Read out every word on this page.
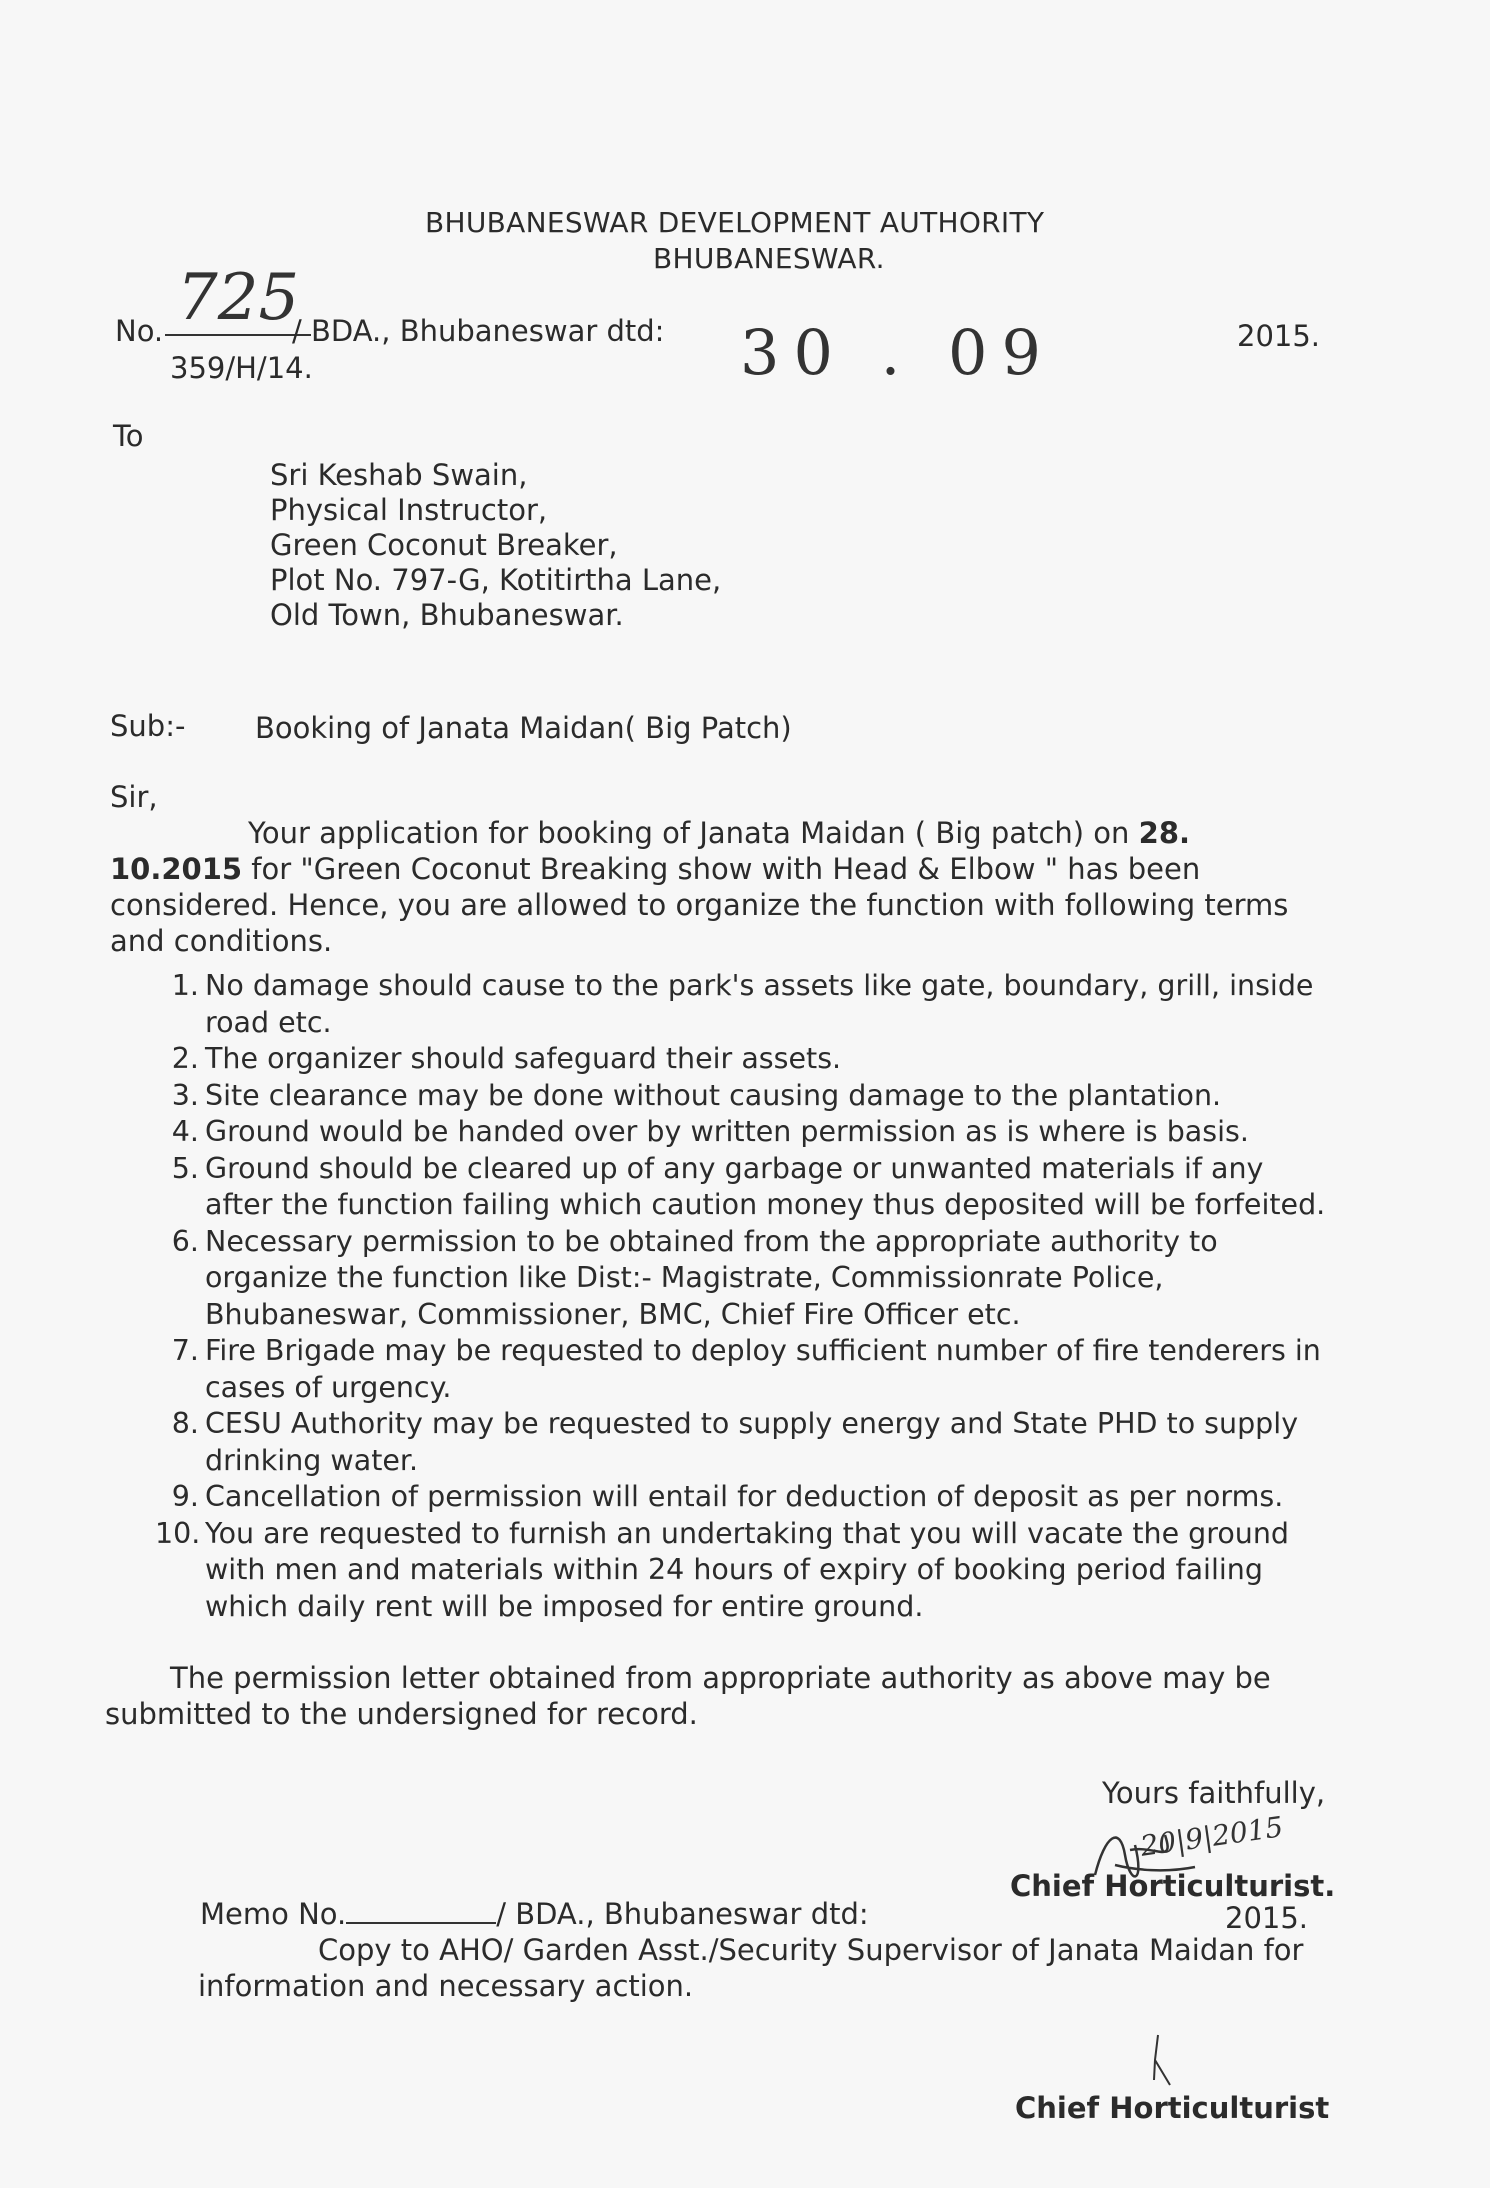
BHUBANESWAR DEVELOPMENT AUTHORITY
BHUBANESWAR.
No. 725
/ BDA., Bhubaneswar dtd:
359/H/14.	30 . 09	2015.
To
Sri Keshab Swain,
Physical Instructor,
Green Coconut Breaker,
Plot No. 797-G, Kotitirtha Lane,
Old Town, Bhubaneswar.
Sub:- Booking of Janata Maidan( Big Patch)
Sir,
Your application for booking of Janata Maidan ( Big patch) on 28. 10.2015 for "Green Coconut Breaking show with Head & Elbow " has been considered. Hence, you are allowed to organize the function with following terms and conditions.
1. No damage should cause to the park's assets like gate, boundary, grill, inside road etc.
2. The organizer should safeguard their assets.
3. Site clearance may be done without causing damage to the plantation.
4. Ground would be handed over by written permission as is where is basis.
5. Ground should be cleared up of any garbage or unwanted materials if any after the function failing which caution money thus deposited will be forfeited.
6. Necessary permission to be obtained from the appropriate authority to organize the function like Dist:- Magistrate, Commissionrate Police, Bhubaneswar, Commissioner, BMC, Chief Fire Officer etc.
7. Fire Brigade may be requested to deploy sufficient number of fire tenderers in cases of urgency.
8. CESU Authority may be requested to supply energy and State PHD to supply drinking water.
9. Cancellation of permission will entail for deduction of deposit as per norms.
10. You are requested to furnish an undertaking that you will vacate the ground with men and materials within 24 hours of expiry of booking period failing which daily rent will be imposed for entire ground.
The permission letter obtained from appropriate authority as above may be submitted to the undersigned for record.
Yours faithfully,
20|9|2015
Chief Horticulturist.
Memo No.	/ BDA., Bhubaneswar dtd:	2015.
Copy to AHO/ Garden Asst./Security Supervisor of Janata Maidan for information and necessary action.
Chief Horticulturist
